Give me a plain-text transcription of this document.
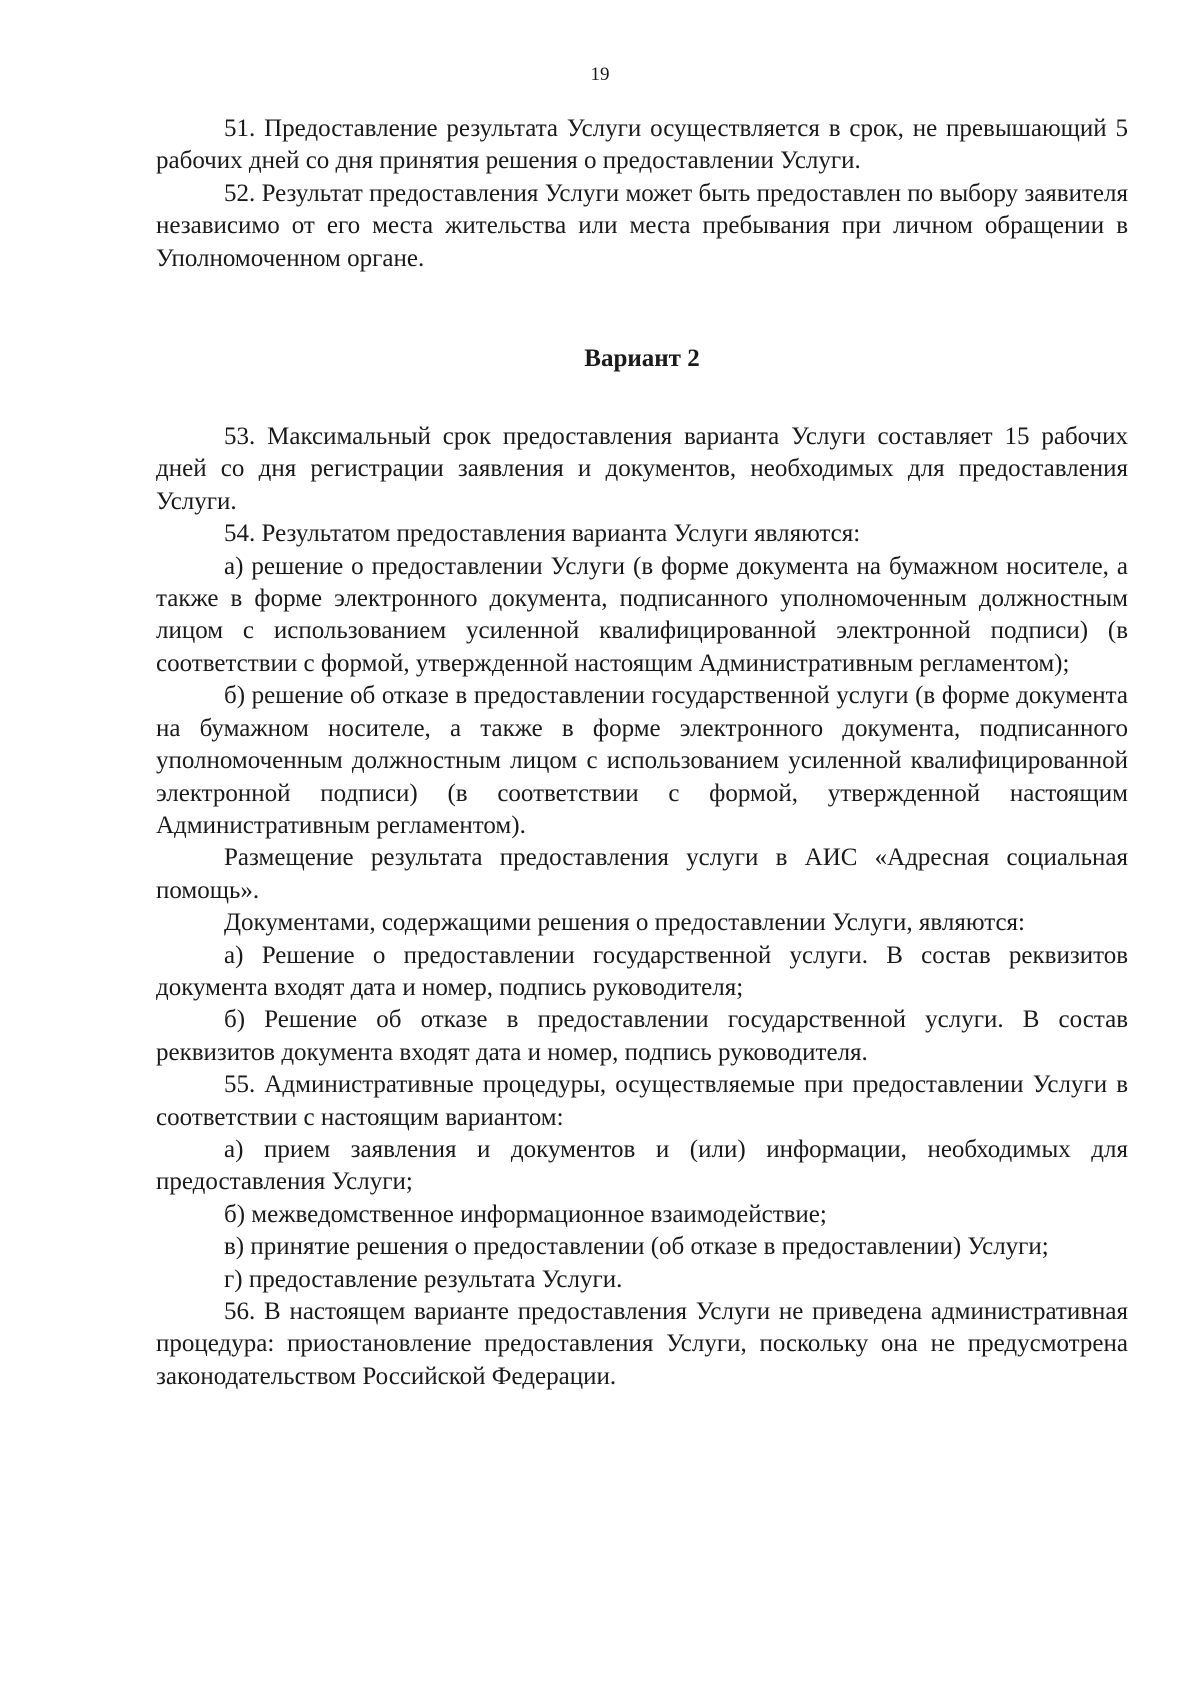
19

51. Предоставление результата Услуги осуществляется в срок, не превышающий 5 рабочих дней со дня принятия решения о предоставлении Услуги.

52. Результат предоставления Услуги может быть предоставлен по выбору заявителя независимо от его места жительства или места пребывания при личном обращении в Уполномоченном органе.

Вариант 2

53. Максимальный срок предоставления варианта Услуги составляет 15 рабочих дней со дня регистрации заявления и документов, необходимых для предоставления Услуги.

54. Результатом предоставления варианта Услуги являются:

а) решение о предоставлении Услуги (в форме документа на бумажном носителе, а также в форме электронного документа, подписанного уполномоченным должностным лицом с использованием усиленной квалифицированной электронной подписи) (в соответствии с формой, утвержденной настоящим Административным регламентом);

б) решение об отказе в предоставлении государственной услуги (в форме документа на бумажном носителе, а также в форме электронного документа, подписанного уполномоченным должностным лицом с использованием усиленной квалифицированной электронной подписи) (в соответствии с формой, утвержденной настоящим Административным регламентом).

Размещение результата предоставления услуги в АИС «Адресная социальная помощь».

Документами, содержащими решения о предоставлении Услуги, являются:

а) Решение о предоставлении государственной услуги. В состав реквизитов документа входят дата и номер, подпись руководителя;

б) Решение об отказе в предоставлении государственной услуги. В состав реквизитов документа входят дата и номер, подпись руководителя.

55. Административные процедуры, осуществляемые при предоставлении Услуги в соответствии с настоящим вариантом:

а) прием заявления и документов и (или) информации, необходимых для предоставления Услуги;

б) межведомственное информационное взаимодействие;

в) принятие решения о предоставлении (об отказе в предоставлении) Услуги;

г) предоставление результата Услуги.

56. В настоящем варианте предоставления Услуги не приведена административная процедура: приостановление предоставления Услуги, поскольку она не предусмотрена законодательством Российской Федерации.
